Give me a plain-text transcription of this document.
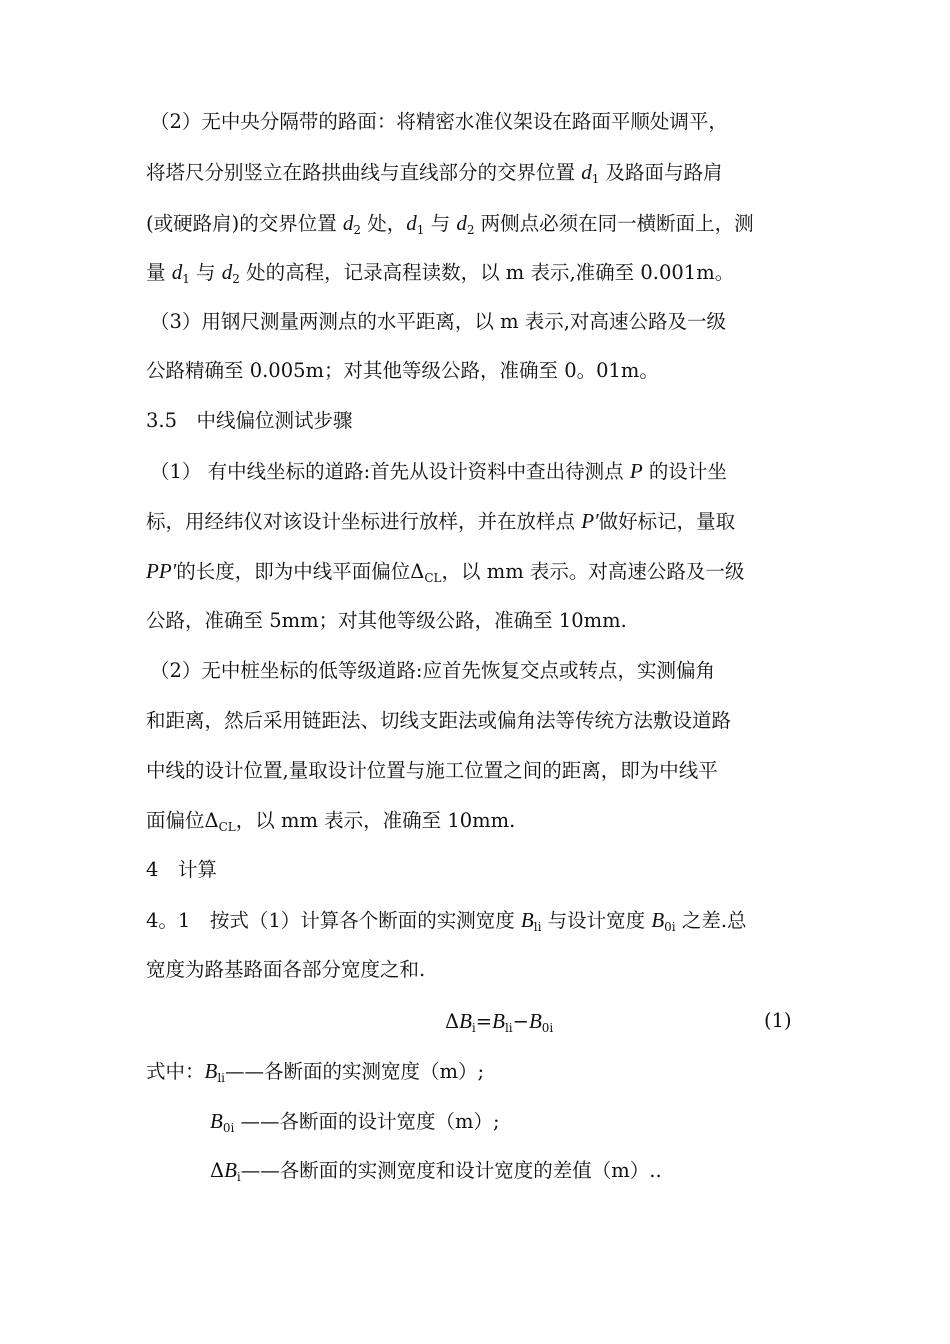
（2）无中央分隔带的路面：将精密水准仪架设在路面平顺处调平，
将塔尺分别竖立在路拱曲线与直线部分的交界位置 $d_1$ 及路面与路肩
(或硬路肩)的交界位置 $d_2$ 处，$d_1$ 与 $d_2$ 两侧点必须在同一横断面上，测
量 $d_1$ 与 $d_2$ 处的高程，记录高程读数，以 m 表示,准确至 0.001m。
（3）用钢尺测量两测点的水平距离，以 m 表示,对高速公路及一级
公路精确至 0.005m；对其他等级公路，准确至 0。01m。
3.5　中线偏位测试步骤
（1） 有中线坐标的道路:首先从设计资料中查出待测点 P 的设计坐
标，用经纬仪对该设计坐标进行放样，并在放样点 P′做好标记，量取
PP′的长度，即为中线平面偏位$\Delta_{CL}$，以 mm 表示。对高速公路及一级
公路，准确至 5mm；对其他等级公路，准确至 10mm.
（2）无中桩坐标的低等级道路:应首先恢复交点或转点，实测偏角
和距离，然后采用链距法、切线支距法或偏角法等传统方法敷设道路
中线的设计位置,量取设计位置与施工位置之间的距离，即为中线平
面偏位$\Delta_{CL}$，以 mm 表示，准确至 10mm.
4　计算
4。1　按式（1）计算各个断面的实测宽度 $B_{li}$ 与设计宽度 $B_{0i}$ 之差.总
宽度为路基路面各部分宽度之和.
$\Delta B_i=B_{li}-B_{0i}$	(1)
式中：$B_{li}——$各断面的实测宽度（m）;
$B_{0i}$ ——各断面的设计宽度（m）;
$\Delta B_i——$各断面的实测宽度和设计宽度的差值（m）..
